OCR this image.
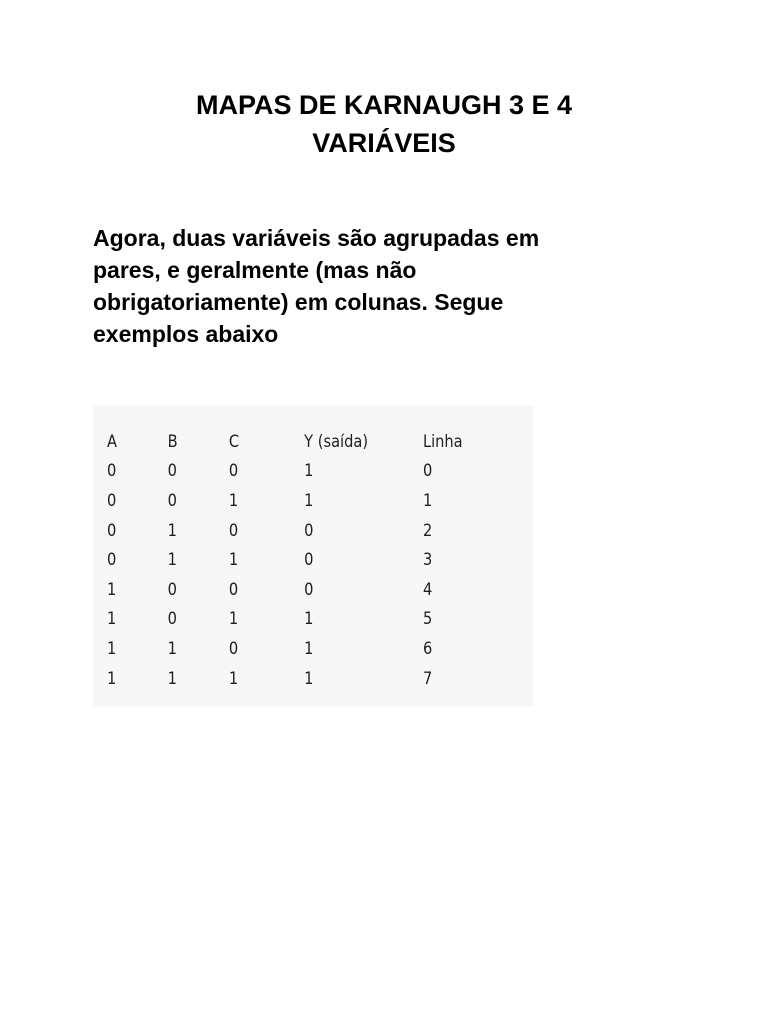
MAPAS DE KARNAUGH 3 E 4
VARIÁVEIS

Agora, duas variáveis são agrupadas em
pares, e geralmente (mas não
obrigatoriamente) em colunas. Segue
exemplos abaixo

A	B	C	Y (saída)	Linha
0	0	0	1	0
0	0	1	1	1
0	1	0	0	2
0	1	1	0	3
1	0	0	0	4
1	0	1	1	5
1	1	0	1	6
1	1	1	1	7
